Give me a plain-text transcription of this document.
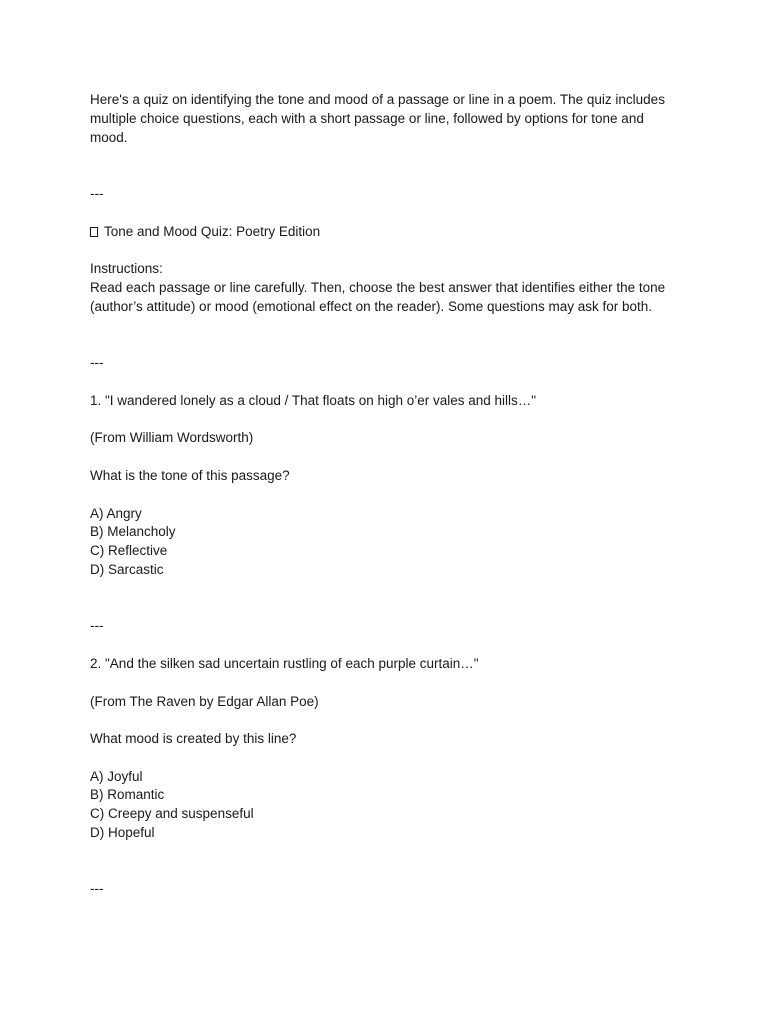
Here's a quiz on identifying the tone and mood of a passage or line in a poem. The quiz includes multiple choice questions, each with a short passage or line, followed by options for tone and mood.

---

Tone and Mood Quiz: Poetry Edition

Instructions:

Read each passage or line carefully. Then, choose the best answer that identifies either the tone (author’s attitude) or mood (emotional effect on the reader). Some questions may ask for both.

---

1. "I wandered lonely as a cloud / That floats on high o’er vales and hills…"

(From William Wordsworth)

What is the tone of this passage?

A) Angry

B) Melancholy

C) Reflective

D) Sarcastic

---

2. "And the silken sad uncertain rustling of each purple curtain…"

(From The Raven by Edgar Allan Poe)

What mood is created by this line?

A) Joyful

B) Romantic

C) Creepy and suspenseful

D) Hopeful

---
